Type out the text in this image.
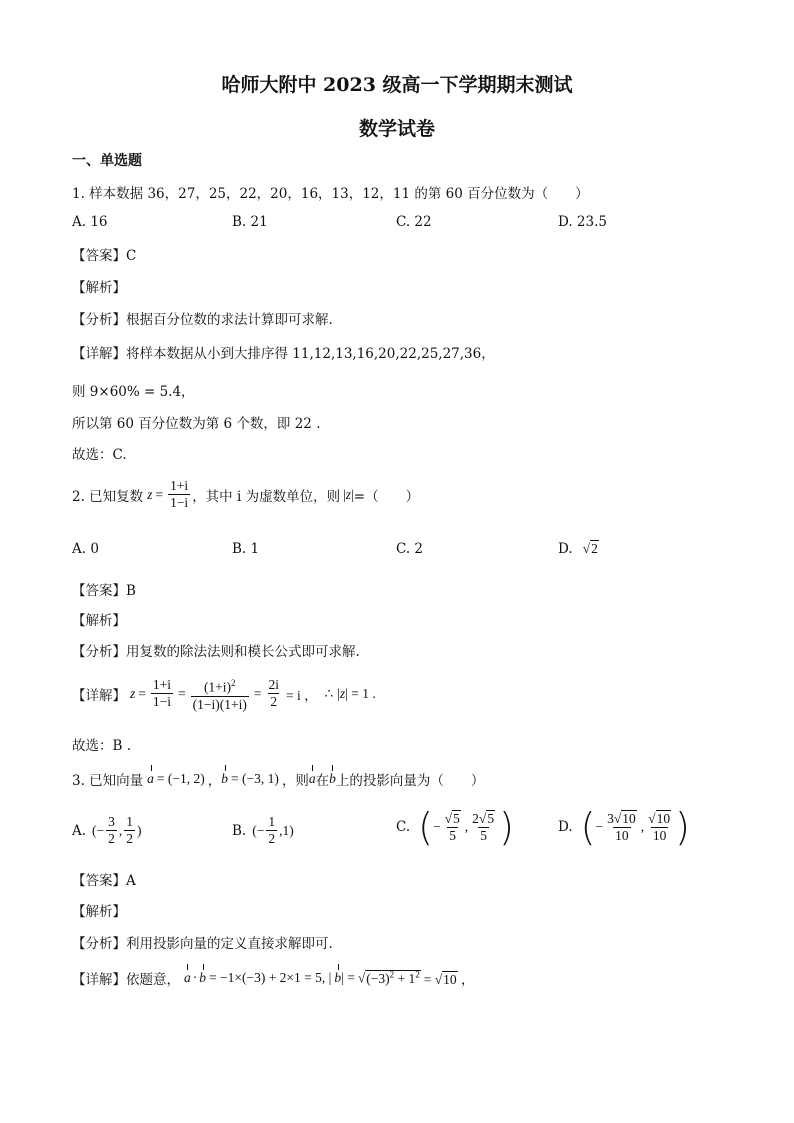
哈师大附中 2023 级高一下学期期末测试
数学试卷
一、单选题
1. 样本数据 36，27，25，22，20，16，13，12，11 的第 60 百分位数为（　　）
A. 16	B. 21	C. 22	D. 23.5
【答案】C
【解析】
【分析】根据百分位数的求法计算即可求解.
【详解】将样本数据从小到大排序得 11,12,13,16,20,22,25,27,36，
则 9×60% = 5.4，
所以第 60 百分位数为第 6 个数，即 22 .
故选：C.
2. 已知复数 $z = \frac{1+i}{1-i}$ ，其中 i 为虚数单位，则 | z | =（　　）
A. 0	B. 1	C. 2	D. √2
【答案】B
【解析】
【分析】用复数的除法法则和模长公式即可求解.
【详解】 $z = \frac{1+i}{1-i} = \frac{(1+i)^2}{(1-i)(1+i)} = \frac{2i}{2} = i$ ， ∴ | z | = 1 .
故选：B .
3. 已知向量 a = (−1, 2) ， b = (−3, 1) ，则 a 在 b 上的投影向量为（　　）
A. (− $\frac{3}{2}$ , $\frac{1}{2}$ )	B. (− $\frac{1}{2} ,1$)	C. ( − $\frac{√5}{5}$ , $\frac{2√5}{5}$ )	D. ( − $\frac{3√10}{10}$ , $\frac{√10}{10}$ )
【答案】A
【解析】
【分析】利用投影向量的定义直接求解即可.
【详解】 依题意， a · b = −1×(−3) + 2×1 = 5, | b | = $√(-3)^2 + 1^2 = √10$ ，
